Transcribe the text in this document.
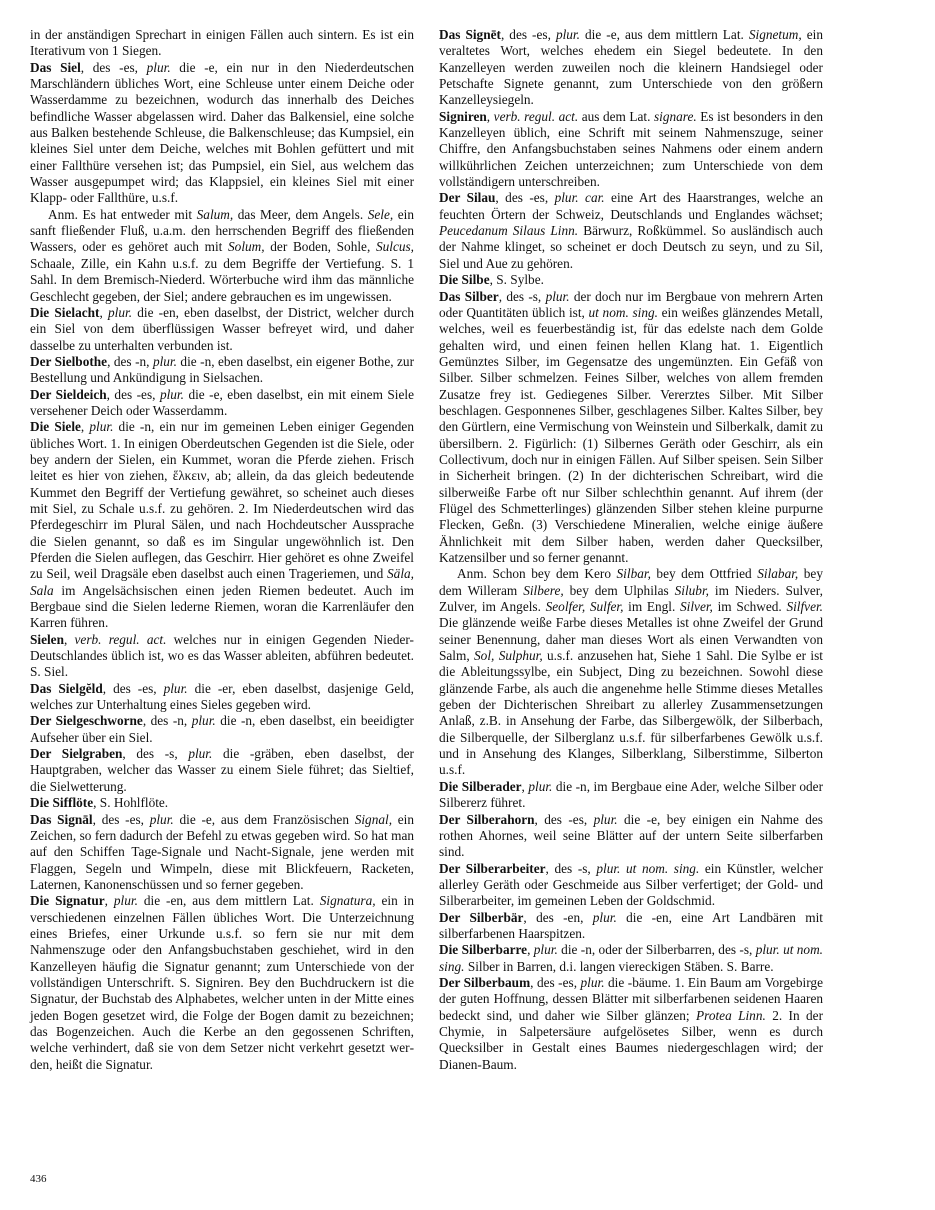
in der anständigen Sprechart in einigen Fällen auch sintern. Es ist ein Iterativum von 1 Siegen.

Das Siel, des -es, plur. die -e, ein nur in den Niederdeutschen Marschländern übliches Wort, eine Schleuse unter einem Deiche oder Wasserdamme zu bezeichnen, wodurch das innerhalb des Deiches befindliche Wasser abgelassen wird. Daher das Balkensiel, eine solche aus Balken bestehende Schleuse, die Balkenschleuse; das Kumpsiel, ein kleines Siel unter dem Deiche, welches mit Bohlen gefüttert und mit einer Fallthüre versehen ist; das Pumpsiel, ein Siel, aus welchem das Wasser ausgepumpet wird; das Klappsiel, ein kleines Siel mit einer Klapp- oder Fallthüre, u.s.f.

Anm. Es hat entweder mit Salum, das Meer, dem Angels. Sele, ein sanft fließender Fluß, u.a.m. den herrschenden Begriff des fließenden Wassers, oder es gehöret auch mit Solum, der Boden, Sohle, Sulcus, Schaale, Zille, ein Kahn u.s.f. zu dem Begriffe der Vertiefung. S. 1 Sahl. In dem Bremisch-Niederd. Wörterbuche wird ihm das männliche Geschlecht gegeben, der Siel; andere gebrauchen es im ungewissen.

Die Sielacht, plur. die -en, eben daselbst, der District, welcher durch ein Siel von dem überflüssigen Wasser befreyet wird, und daher dasselbe zu unterhalten verbunden ist.

Der Sielbothe, des -n, plur. die -n, eben daselbst, ein eigener Bothe, zur Bestellung und Ankündigung in Sielsachen.

Der Sieldeich, des -es, plur. die -e, eben daselbst, ein mit einem Siele versehener Deich oder Wasserdamm.

Die Siele, plur. die -n, ein nur im gemeinen Leben einiger Gegenden übliches Wort. 1. In einigen Oberdeutschen Gegenden ist die Siele, oder bey andern der Sielen, ein Kummet, woran die Pferde ziehen. Frisch leitet es hier von ziehen, ἕλκειν, ab; allein, da das gleich bedeutende Kummet den Begriff der Vertiefung gewähret, so scheinet auch dieses mit Siel, zu Schale u.s.f. zu gehören. 2. Im Niederdeutschen wird das Pferdegeschirr im Plural Sälen, und nach Hochdeutscher Aussprache die Sielen genannt, so daß es im Singular ungewöhnlich ist. Den Pferden die Sielen auflegen, das Geschirr. Hier gehöret es ohne Zweifel zu Seil, weil Dragsäle eben daselbst auch einen Trageriemen, und Säla, Sala im Angelsächsischen einen jeden Riemen bedeutet. Auch im Bergbaue sind die Sielen lederne Riemen, woran die Karrenläufer den Karren führen.

Sielen, verb. regul. act. welches nur in einigen Gegenden Nieder-Deutschlandes üblich ist, wo es das Wasser ableiten, abführen bedeutet. S. Siel.

Das Sielgĕld, des -es, plur. die -er, eben daselbst, dasjenige Geld, welches zur Unterhaltung eines Sieles gegeben wird.

Der Sielgeschworne, des -n, plur. die -n, eben daselbst, ein beeidigter Aufseher über ein Siel.

Der Sielgraben, des -s, plur. die -gräben, eben daselbst, der Hauptgraben, welcher das Wasser zu einem Siele führet; das Sieltief, die Sielwetterung.

Die Sifflöte, S. Hohlflöte.

Das Signāl, des -es, plur. die -e, aus dem Französischen Signal, ein Zeichen, so fern dadurch der Befehl zu etwas gegeben wird. So hat man auf den Schiffen Tage-Signale und Nacht-Signale, jene werden mit Flaggen, Segeln und Wimpeln, diese mit Blickfeuern, Racketen, Laternen, Kanonenschüssen und so ferner gegeben.

Die Signatur, plur. die -en, aus dem mittlern Lat. Signatura, ein in verschiedenen einzelnen Fällen übliches Wort. Die Unterzeichnung eines Briefes, einer Urkunde u.s.f. so fern sie nur mit dem Nahmenszuge oder den Anfangsbuchstaben geschiehet, wird in den Kanzelleyen häufig die Signatur genannt; zum Unterschiede von der vollständigen Unterschrift. S. Signiren. Bey den Buchdruckern ist die Signatur, der Buchstab des Alphabetes, welcher unten in der Mitte eines jeden Bogen gesetzet wird, die Folge der Bogen damit zu bezeichnen; das Bogenzeichen. Auch die Kerbe an den gegossenen Schriften, welche verhindert, daß sie von dem Setzer nicht verkehrt gesetzt werden, heißt die Signatur.

Das Signēt, des -es, plur. die -e, aus dem mittlern Lat. Signetum, ein veraltetes Wort, welches ehedem ein Siegel bedeutete. In den Kanzelleyen werden zuweilen noch die kleinern Handsiegel oder Petschafte Signete genannt, zum Unterschiede von den größern Kanzelleysiegeln.

Signiren, verb. regul. act. aus dem Lat. signare. Es ist besonders in den Kanzelleyen üblich, eine Schrift mit seinem Nahmenszuge, seiner Chiffre, den Anfangsbuchstaben seines Nahmens oder einem andern willkührlichen Zeichen unterzeichnen; zum Unterschiede von dem vollständigern unterschreiben.

Der Silau, des -es, plur. car. eine Art des Haarstranges, welche an feuchten Örtern der Schweiz, Deutschlands und Englandes wächset; Peucedanum Silaus Linn. Bärwurz, Roßkümmel. So ausländisch auch der Nahme klinget, so scheinet er doch Deutsch zu seyn, und zu Sil, Siel und Aue zu gehören.

Die Silbe, S. Sylbe.

Das Silber, des -s, plur. der doch nur im Bergbaue von mehrern Arten oder Quantitäten üblich ist, ut nom. sing. ein weißes glänzendes Metall, welches, weil es feuerbeständig ist, für das edelste nach dem Golde gehalten wird, und einen feinen hellen Klang hat. 1. Eigentlich Gemünztes Silber, im Gegensatze des ungemünzten. Ein Gefäß von Silber. Silber schmelzen. Feines Silber, welches von allem fremden Zusatze frey ist. Gediegenes Silber. Vererztes Silber. Mit Silber beschlagen. Gesponnenes Silber, geschlagenes Silber. Kaltes Silber, bey den Gürtlern, eine Vermischung von Weinstein und Silberkalk, damit zu übersilbern. 2. Figürlich: (1) Silbernes Geräth oder Geschirr, als ein Collectivum, doch nur in einigen Fällen. Auf Silber speisen. Sein Silber in Sicherheit bringen. (2) In der dichterischen Schreibart, wird die silberweiße Farbe oft nur Silber schlechthin genannt. Auf ihrem (der Flügel des Schmetterlinges) glänzenden Silber stehen kleine purpurne Flecken, Geßn. (3) Verschiedene Mineralien, welche einige äußere Ähnlichkeit mit dem Silber haben, werden daher Quecksilber, Katzensilber und so ferner genannt.

Anm. Schon bey dem Kero Silbar, bey dem Ottfried Silabar, bey dem Willeram Silbere, bey dem Ulphilas Silubr, im Nieders. Sulver, Zulver, im Angels. Seolfer, Sulfer, im Engl. Silver, im Schwed. Silfver. Die glänzende weiße Farbe dieses Metalles ist ohne Zweifel der Grund seiner Benennung, daher man dieses Wort als einen Verwandten von Salm, Sol, Sulphur, u.s.f. anzusehen hat, Siehe 1 Sahl. Die Sylbe er ist die Ableitungssylbe, ein Subject, Ding zu bezeichnen. Sowohl diese glänzende Farbe, als auch die angenehme helle Stimme dieses Metalles geben der Dichterischen Shreibart zu allerley Zusammensetzungen Anlaß, z.B. in Ansehung der Farbe, das Silbergewölk, der Silberbach, die Silberquelle, der Silberglanz u.s.f. für silberfarbenes Gewölk u.s.f. und in Ansehung des Klanges, Silberklang, Silberstimme, Silberton u.s.f.

Die Silberader, plur. die -n, im Bergbaue eine Ader, welche Silber oder Silbererz führet.

Der Silberahorn, des -es, plur. die -e, bey einigen ein Nahme des rothen Ahornes, weil seine Blätter auf der untern Seite silberfarben sind.

Der Silberarbeiter, des -s, plur. ut nom. sing. ein Künstler, welcher allerley Geräth oder Geschmeide aus Silber verfertiget; der Gold- und Silberarbeiter, im gemeinen Leben der Goldschmid.

Der Silberbär, des -en, plur. die -en, eine Art Landbären mit silberfarbenen Haarspitzen.

Die Silberbarre, plur. die -n, oder der Silberbarren, des -s, plur. ut nom. sing. Silber in Barren, d.i. langen viereckigen Stäben. S. Barre.

Der Silberbaum, des -es, plur. die -bäume. 1. Ein Baum am Vorgebirge der guten Hoffnung, dessen Blätter mit silberfarbenen seidenen Haaren bedeckt sind, und daher wie Silber glänzen; Protea Linn. 2. In der Chymie, in Salpetersäure aufgelösetes Silber, wenn es durch Quecksilber in Gestalt eines Baumes niedergeschlagen wird; der Dianen-Baum.

436
